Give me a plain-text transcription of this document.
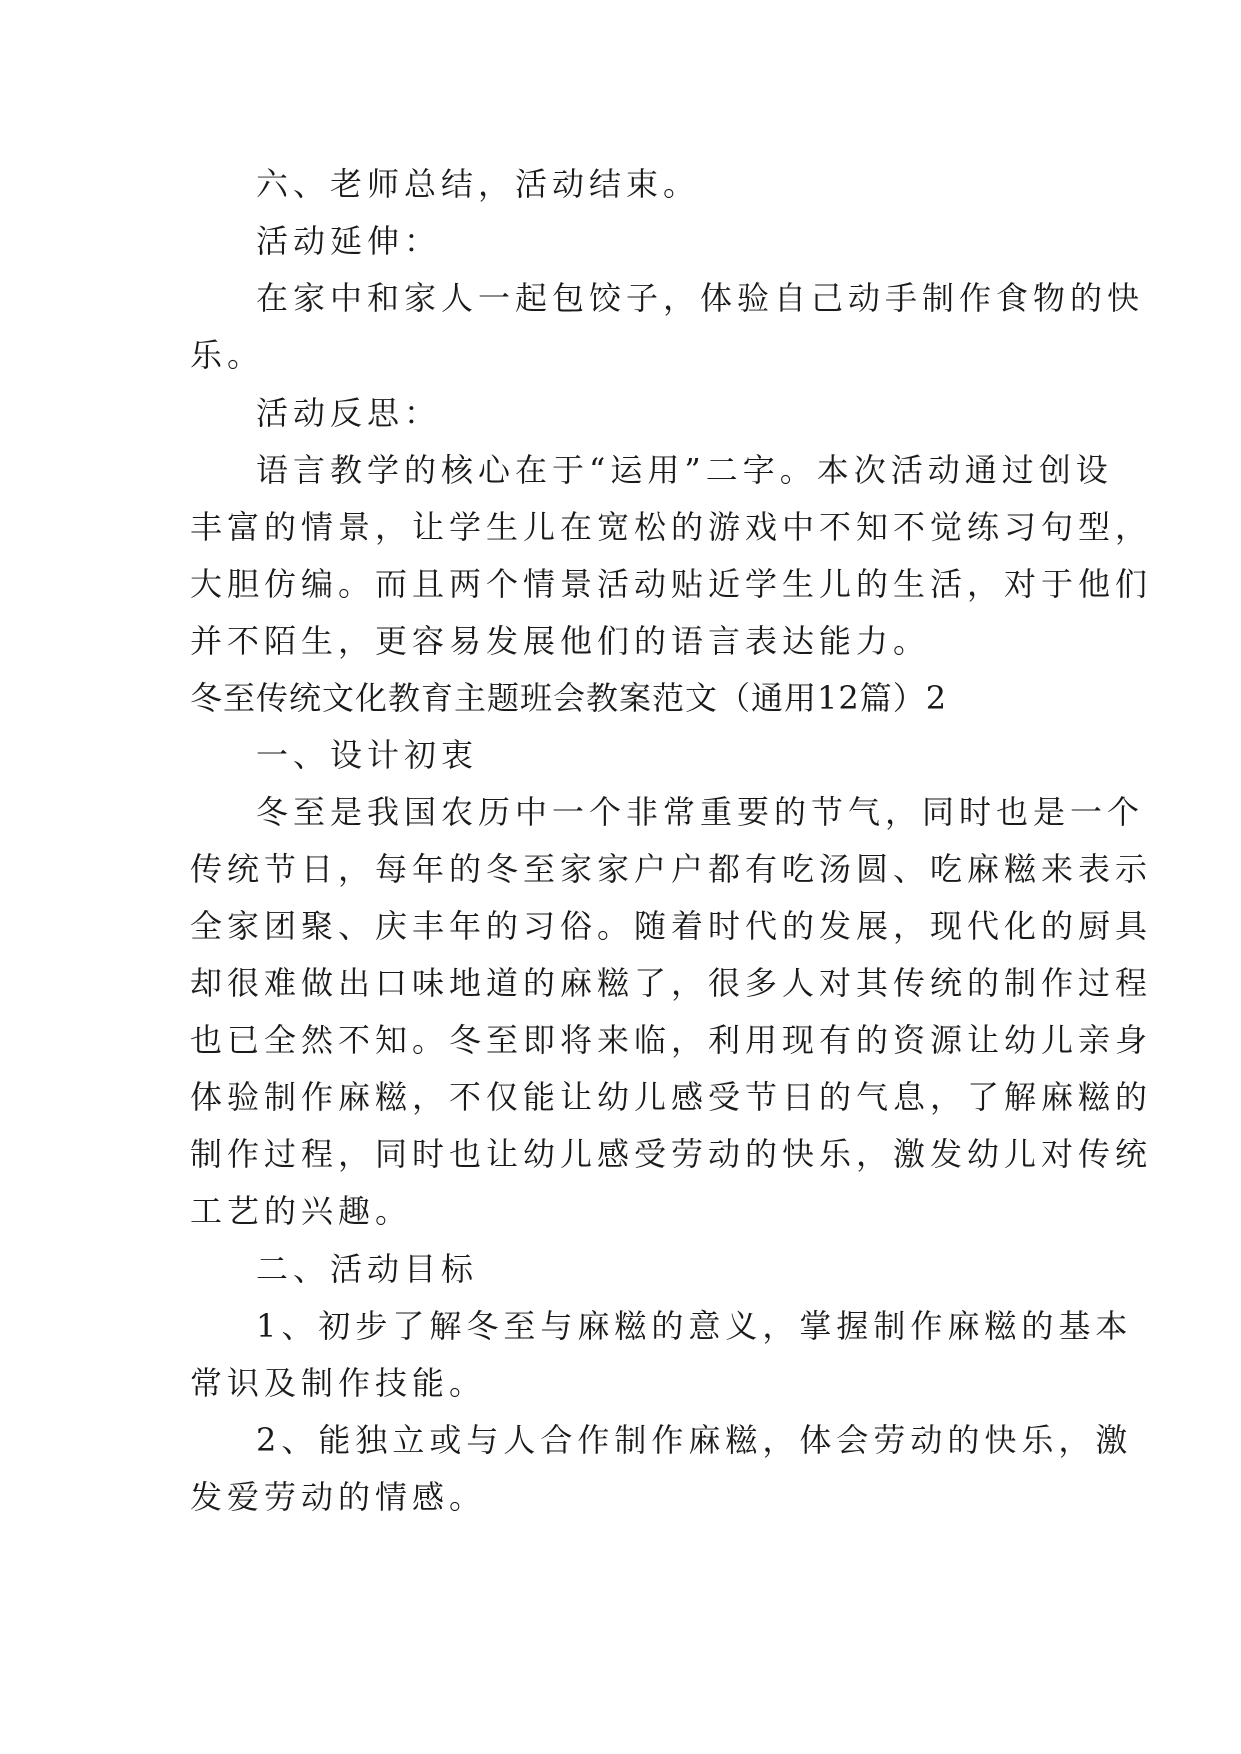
六、老师总结，活动结束。
活动延伸：
在家中和家人一起包饺子，体验自己动手制作食物的快
乐。
活动反思：
语言教学的核心在于“运用”二字。本次活动通过创设
丰富的情景，让学生儿在宽松的游戏中不知不觉练习句型，
大胆仿编。而且两个情景活动贴近学生儿的生活，对于他们
并不陌生，更容易发展他们的语言表达能力。
冬至传统文化教育主题班会教案范文（通用12篇）2
一、设计初衷
冬至是我国农历中一个非常重要的节气，同时也是一个
传统节日，每年的冬至家家户户都有吃汤圆、吃麻糍来表示
全家团聚、庆丰年的习俗。随着时代的发展，现代化的厨具
却很难做出口味地道的麻糍了，很多人对其传统的制作过程
也已全然不知。冬至即将来临，利用现有的资源让幼儿亲身
体验制作麻糍，不仅能让幼儿感受节日的气息，了解麻糍的
制作过程，同时也让幼儿感受劳动的快乐，激发幼儿对传统
工艺的兴趣。
二、活动目标
1、初步了解冬至与麻糍的意义，掌握制作麻糍的基本
常识及制作技能。
2、能独立或与人合作制作麻糍，体会劳动的快乐，激
发爱劳动的情感。
